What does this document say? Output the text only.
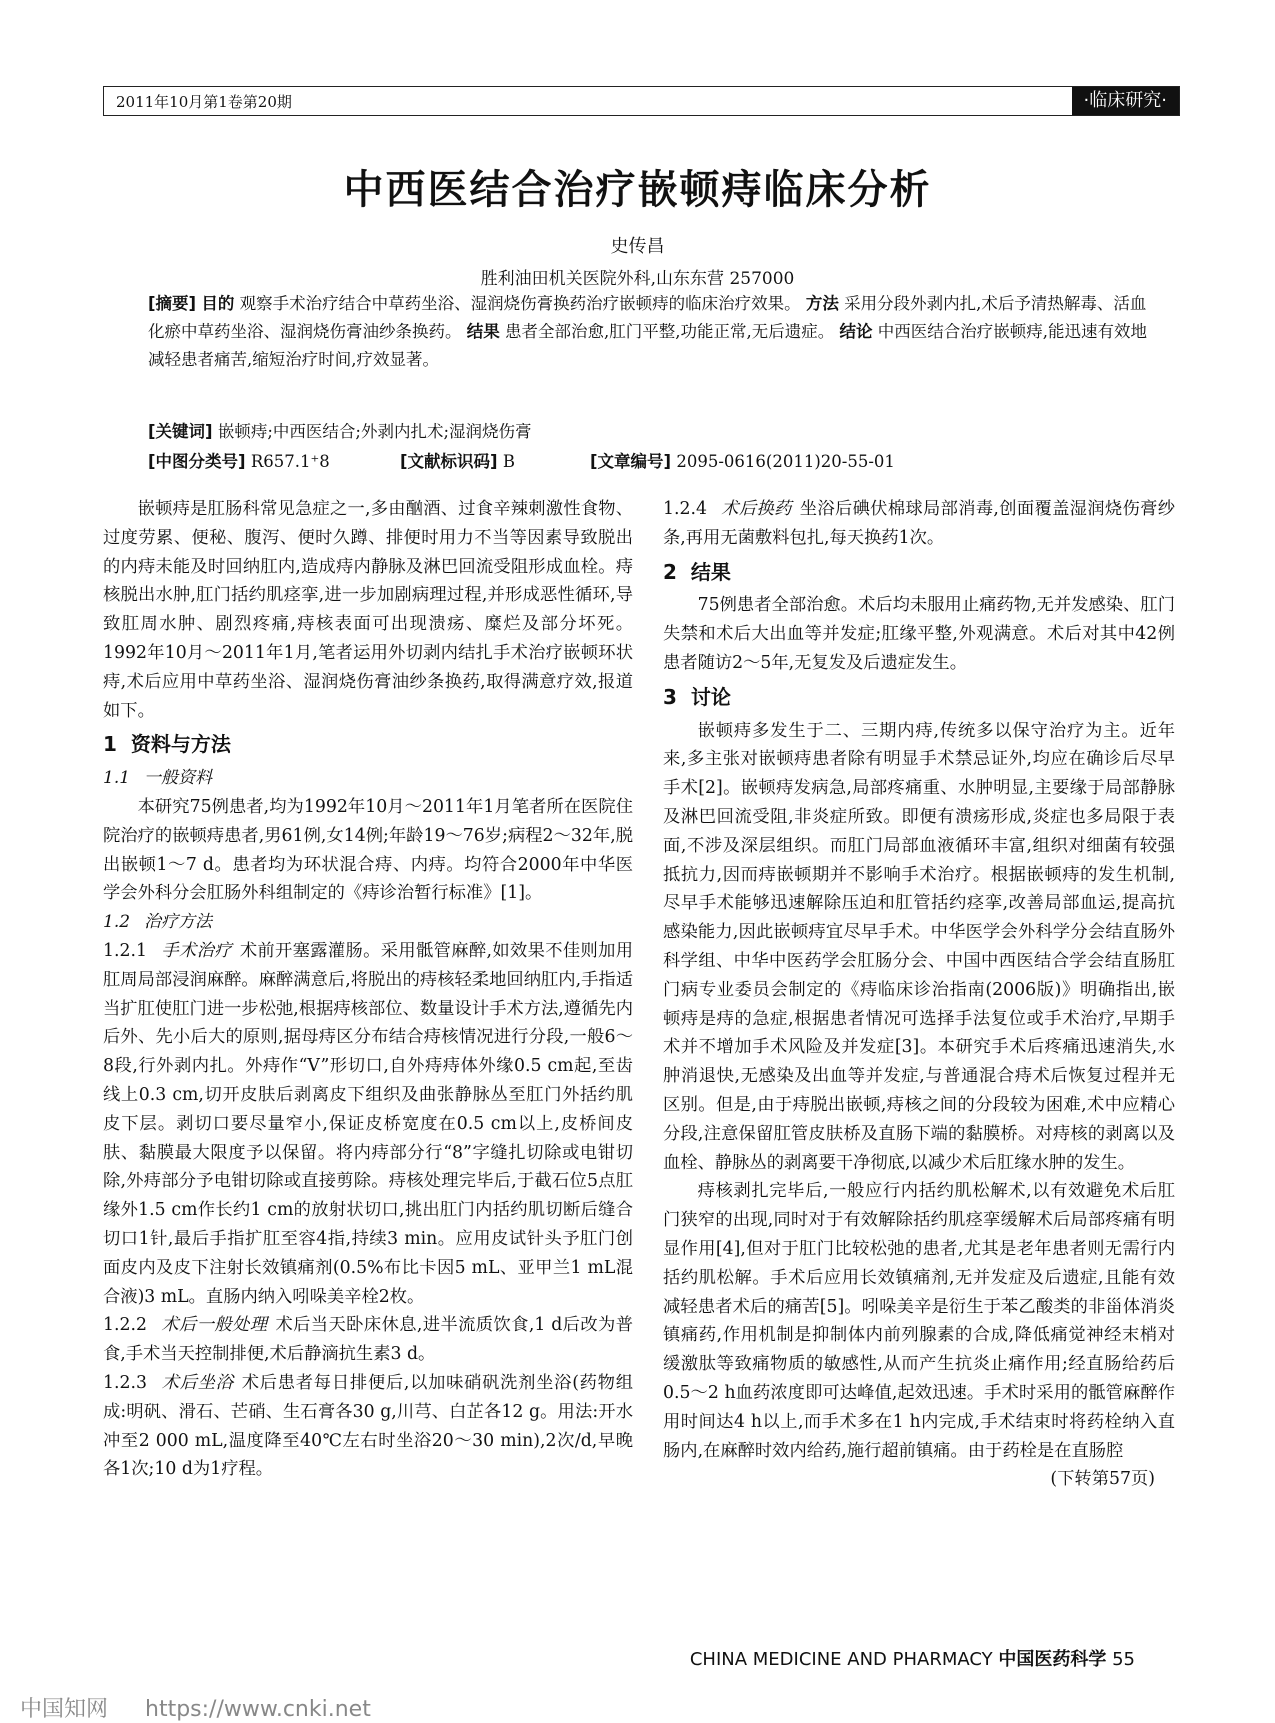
2011年10月第1卷第20期	·临床研究·
中西医结合治疗嵌顿痔临床分析
史传昌
胜利油田机关医院外科,山东东营 257000
[摘要] 目的 观察手术治疗结合中草药坐浴、湿润烧伤膏换药治疗嵌顿痔的临床治疗效果。 方法 采用分段外剥内扎,术后予清热解毒、活血化瘀中草药坐浴、湿润烧伤膏油纱条换药。 结果 患者全部治愈,肛门平整,功能正常,无后遗症。 结论 中西医结合治疗嵌顿痔,能迅速有效地减轻患者痛苦,缩短治疗时间,疗效显著。
[关键词] 嵌顿痔;中西医结合;外剥内扎术;湿润烧伤膏
[中图分类号] R657.1⁺8	[文献标识码] B	[文章编号] 2095-0616(2011)20-55-01

嵌顿痔是肛肠科常见急症之一,多由酗酒、过食辛辣刺激性食物、过度劳累、便秘、腹泻、便时久蹲、排便时用力不当等因素导致脱出的内痔未能及时回纳肛内,造成痔内静脉及淋巴回流受阻形成血栓。痔核脱出水肿,肛门括约肌痉挛,进一步加剧病理过程,并形成恶性循环,导致肛周水肿、剧烈疼痛,痔核表面可出现溃疡、糜烂及部分坏死。1992年10月～2011年1月,笔者运用外切剥内结扎手术治疗嵌顿环状痔,术后应用中草药坐浴、湿润烧伤膏油纱条换药,取得满意疗效,报道如下。

1 资料与方法
1.1 一般资料

本研究75例患者,均为1992年10月～2011年1月笔者所在医院住院治疗的嵌顿痔患者,男61例,女14例;年龄19～76岁;病程2～32年,脱出嵌顿1～7 d。患者均为环状混合痔、内痔。均符合2000年中华医学会外科分会肛肠外科组制定的《痔诊治暂行标准》[1]。

1.2 治疗方法

1.2.1 手术治疗 术前开塞露灌肠。采用骶管麻醉,如效果不佳则加用肛周局部浸润麻醉。麻醉满意后,将脱出的痔核轻柔地回纳肛内,手指适当扩肛使肛门进一步松弛,根据痔核部位、数量设计手术方法,遵循先内后外、先小后大的原则,据母痔区分布结合痔核情况进行分段,一般6～8段,行外剥内扎。外痔作“V”形切口,自外痔痔体外缘0.5 cm起,至齿线上0.3 cm,切开皮肤后剥离皮下组织及曲张静脉丛至肛门外括约肌皮下层。剥切口要尽量窄小,保证皮桥宽度在0.5 cm以上,皮桥间皮肤、黏膜最大限度予以保留。将内痔部分行“8”字缝扎切除或电钳切除,外痔部分予电钳切除或直接剪除。痔核处理完毕后,于截石位5点肛缘外1.5 cm作长约1 cm的放射状切口,挑出肛门内括约肌切断后缝合切口1针,最后手指扩肛至容4指,持续3 min。应用皮试针头予肛门创面皮内及皮下注射长效镇痛剂(0.5%布比卡因5 mL、亚甲兰1 mL混合液)3 mL。直肠内纳入吲哚美辛栓2枚。

1.2.2 术后一般处理 术后当天卧床休息,进半流质饮食,1 d后改为普食,手术当天控制排便,术后静滴抗生素3 d。

1.2.3 术后坐浴 术后患者每日排便后,以加味硝矾洗剂坐浴(药物组成:明矾、滑石、芒硝、生石膏各30 g,川芎、白芷各12 g。用法:开水冲至2 000 mL,温度降至40℃左右时坐浴20～30 min),2次/d,早晚各1次;10 d为1疗程。

1.2.4 术后换药 坐浴后碘伏棉球局部消毒,创面覆盖湿润烧伤膏纱条,再用无菌敷料包扎,每天换药1次。

2 结果

75例患者全部治愈。术后均未服用止痛药物,无并发感染、肛门失禁和术后大出血等并发症;肛缘平整,外观满意。术后对其中42例患者随访2～5年,无复发及后遗症发生。

3 讨论

嵌顿痔多发生于二、三期内痔,传统多以保守治疗为主。近年来,多主张对嵌顿痔患者除有明显手术禁忌证外,均应在确诊后尽早手术[2]。嵌顿痔发病急,局部疼痛重、水肿明显,主要缘于局部静脉及淋巴回流受阻,非炎症所致。即便有溃疡形成,炎症也多局限于表面,不涉及深层组织。而肛门局部血液循环丰富,组织对细菌有较强抵抗力,因而痔嵌顿期并不影响手术治疗。根据嵌顿痔的发生机制,尽早手术能够迅速解除压迫和肛管括约痉挛,改善局部血运,提高抗感染能力,因此嵌顿痔宜尽早手术。中华医学会外科学分会结直肠外科学组、中华中医药学会肛肠分会、中国中西医结合学会结直肠肛门病专业委员会制定的《痔临床诊治指南(2006版)》明确指出,嵌顿痔是痔的急症,根据患者情况可选择手法复位或手术治疗,早期手术并不增加手术风险及并发症[3]。本研究手术后疼痛迅速消失,水肿消退快,无感染及出血等并发症,与普通混合痔术后恢复过程并无区别。但是,由于痔脱出嵌顿,痔核之间的分段较为困难,术中应精心分段,注意保留肛管皮肤桥及直肠下端的黏膜桥。对痔核的剥离以及血栓、静脉丛的剥离要干净彻底,以减少术后肛缘水肿的发生。

痔核剥扎完毕后,一般应行内括约肌松解术,以有效避免术后肛门狭窄的出现,同时对于有效解除括约肌痉挛缓解术后局部疼痛有明显作用[4],但对于肛门比较松弛的患者,尤其是老年患者则无需行内括约肌松解。手术后应用长效镇痛剂,无并发症及后遗症,且能有效减轻患者术后的痛苦[5]。吲哚美辛是衍生于苯乙酸类的非甾体消炎镇痛药,作用机制是抑制体内前列腺素的合成,降低痛觉神经末梢对缓激肽等致痛物质的敏感性,从而产生抗炎止痛作用;经直肠给药后0.5～2 h血药浓度即可达峰值,起效迅速。手术时采用的骶管麻醉作用时间达4 h以上,而手术多在1 h内完成,手术结束时将药栓纳入直肠内,在麻醉时效内给药,施行超前镇痛。由于药栓是在直肠腔

(下转第57页)
CHINA MEDICINE AND PHARMACY 中国医药科学 55
中国知网 https://www.cnki.net
